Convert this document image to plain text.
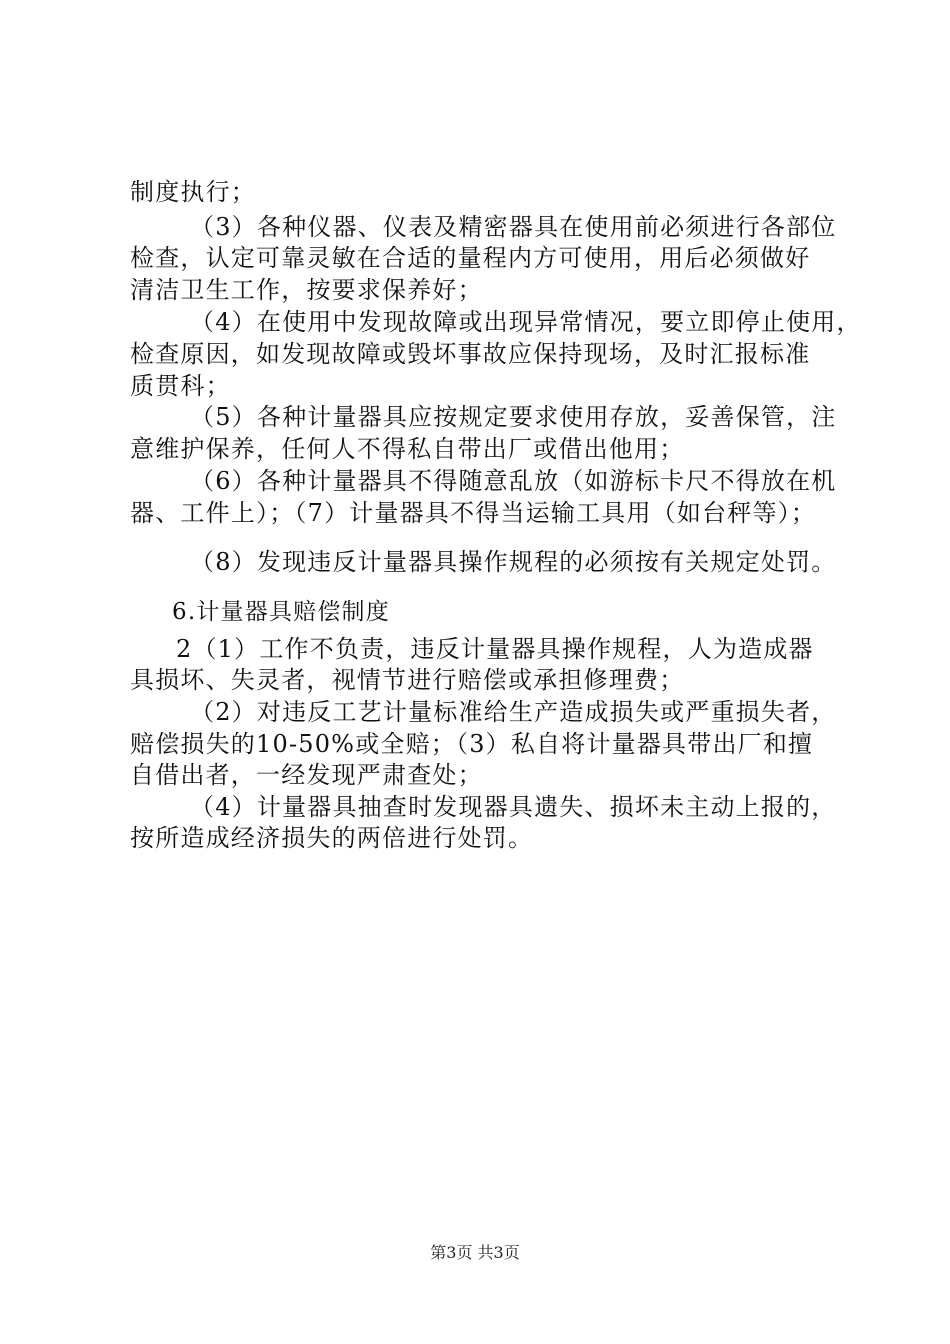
制度执行；
（3）各种仪器、仪表及精密器具在使用前必须进行各部位
检查，认定可靠灵敏在合适的量程内方可使用，用后必须做好
清洁卫生工作，按要求保养好；
（4）在使用中发现故障或出现异常情况，要立即停止使用，
检查原因，如发现故障或毁坏事故应保持现场，及时汇报标准
质贯科；
（5）各种计量器具应按规定要求使用存放，妥善保管，注
意维护保养，任何人不得私自带出厂或借出他用；
（6）各种计量器具不得随意乱放（如游标卡尺不得放在机
器、工件上）；（7）计量器具不得当运输工具用（如台秤等）；
（8）发现违反计量器具操作规程的必须按有关规定处罚。
6.计量器具赔偿制度
2（1）工作不负责，违反计量器具操作规程，人为造成器
具损坏、失灵者，视情节进行赔偿或承担修理费；
（2）对违反工艺计量标准给生产造成损失或严重损失者，
赔偿损失的10-50%或全赔；（3）私自将计量器具带出厂和擅
自借出者，一经发现严肃查处；
（4）计量器具抽查时发现器具遗失、损坏未主动上报的，
按所造成经济损失的两倍进行处罚。
第3页 共3页
